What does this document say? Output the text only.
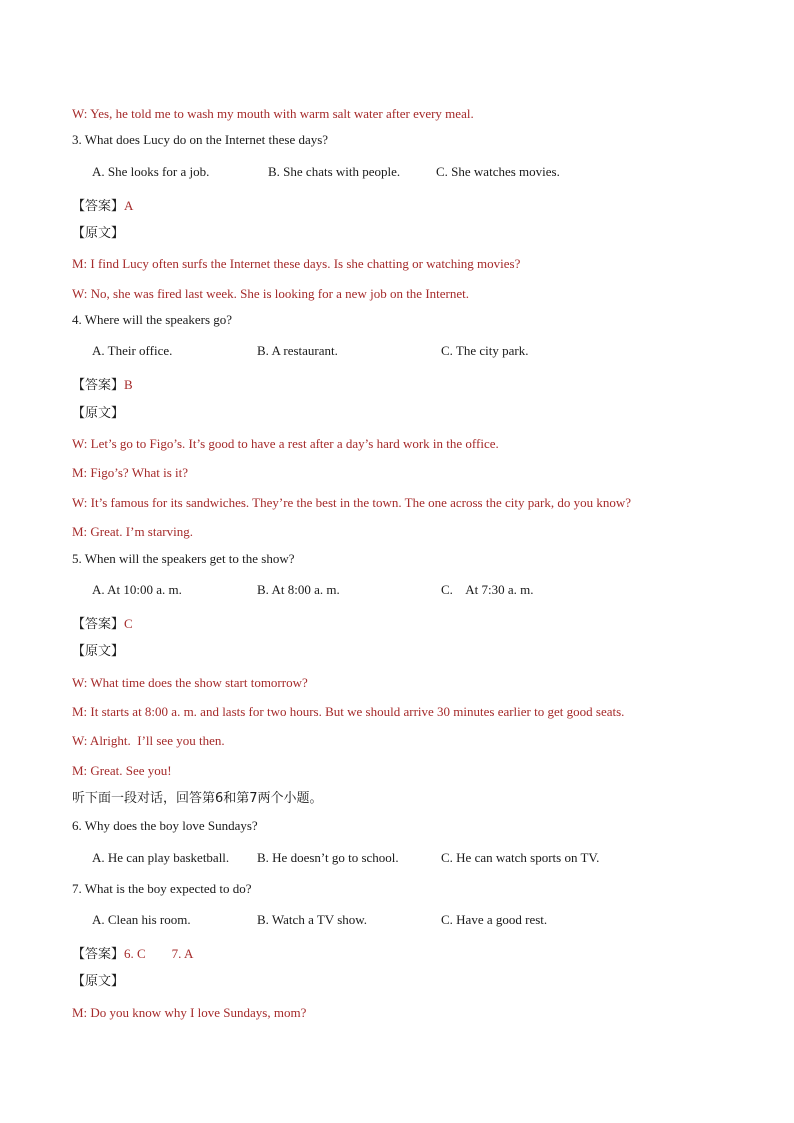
W: Yes, he told me to wash my mouth with warm salt water after every meal.
3. What does Lucy do on the Internet these days?
A. She looks for a job.	B. She chats with people.	C. She watches movies.
【答案】A
【原文】
M: I find Lucy often surfs the Internet these days. Is she chatting or watching movies?
W: No, she was fired last week. She is looking for a new job on the Internet.
4. Where will the speakers go?
A. Their office.	B. A restaurant.	C. The city park.
【答案】B
【原文】
W: Let’s go to Figo’s. It’s good to have a rest after a day’s hard work in the office.
M: Figo’s? What is it?
W: It’s famous for its sandwiches. They’re the best in the town. The one across the city park, do you know?
M: Great. I’m starving.
5. When will the speakers get to the show?
A. At 10:00 a. m.	B. At 8:00 a. m.	C.    At 7:30 a. m.
【答案】C
【原文】
W: What time does the show start tomorrow?
M: It starts at 8:00 a. m. and lasts for two hours. But we should arrive 30 minutes earlier to get good seats.
W: Alright.  I’ll see you then.
M: Great. See you!
听下面一段对话，回答第6和第7两个小题。
6. Why does the boy love Sundays?
A. He can play basketball. B. He doesn’t go to school.	C. He can watch sports on TV.
7. What is the boy expected to do?
A. Clean his room.	B. Watch a TV show.	C. Have a good rest.
【答案】6. C        7. A
【原文】
M: Do you know why I love Sundays, mom?
